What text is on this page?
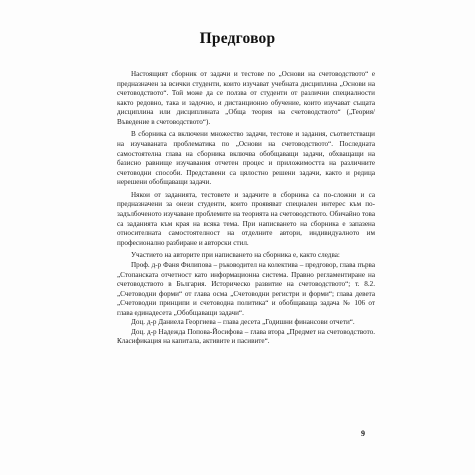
Предговор

Настоящият сборник от задачи и тестове по „Основи на счетоводството“ е предназначен за всички студенти, които изучават учебната дисциплина „Основи на счетоводството“. Той може да се ползва от студенти от различни специалности както редовно, така и задочно, и дистанционно обучение, които изучават същата дисциплина или дисциплината „Обща теория на счетоводството“ („Теория/Въведение в счетоводството“).

В сборника са включени множество задачи, тестове и задания, съответстващи на изучаваната проблематика по „Основи на счетоводството“. Последната самостоятелна глава на сборника включва обобщаващи задачи, обхващащи на базисно равнище изучавания отчетен процес и приложимостта на различните счетоводни способи. Представени са цялостно решени задачи, както и редица нерешени обобщаващи задачи.

Някои от заданията, тестовете и задачите в сборника са по-сложни и са предназначени за онези студенти, които проявяват специален интерес към по-задълбоченото изучаване проблемите на теорията на счетоводството. Обичайно това са заданията към края на всяка тема. При написването на сборника е запазена относителната самостоятелност на отделните автори, индивидуалното им професионално разбиране и авторски стил.

Участието на авторите при написването на сборника е, както следва:

Проф. д-р Фаня Филипова – ръководител на колектива – предговор, глава първа „Стопанската отчетност като информационна система. Правно регламентиране на счетоводството в България. Историческо развитие на счетоводството“; т. 8.2. „Счетоводни форми“ от глава осма „Счетоводни регистри и форми“; глава девета „Счетоводни принципи и счетоводна политика“ и обобщаваща задача № 106 от глава единадесета „Обобщаващи задачи“.

Доц. д-р Даниела Георгиева – глава десета „Годишни финансови отчети“.

Доц. д-р Надежда Попова-Йосифова – глава втора „Предмет на счетоводството. Класификация на капитала, активите и пасивите“.

9
